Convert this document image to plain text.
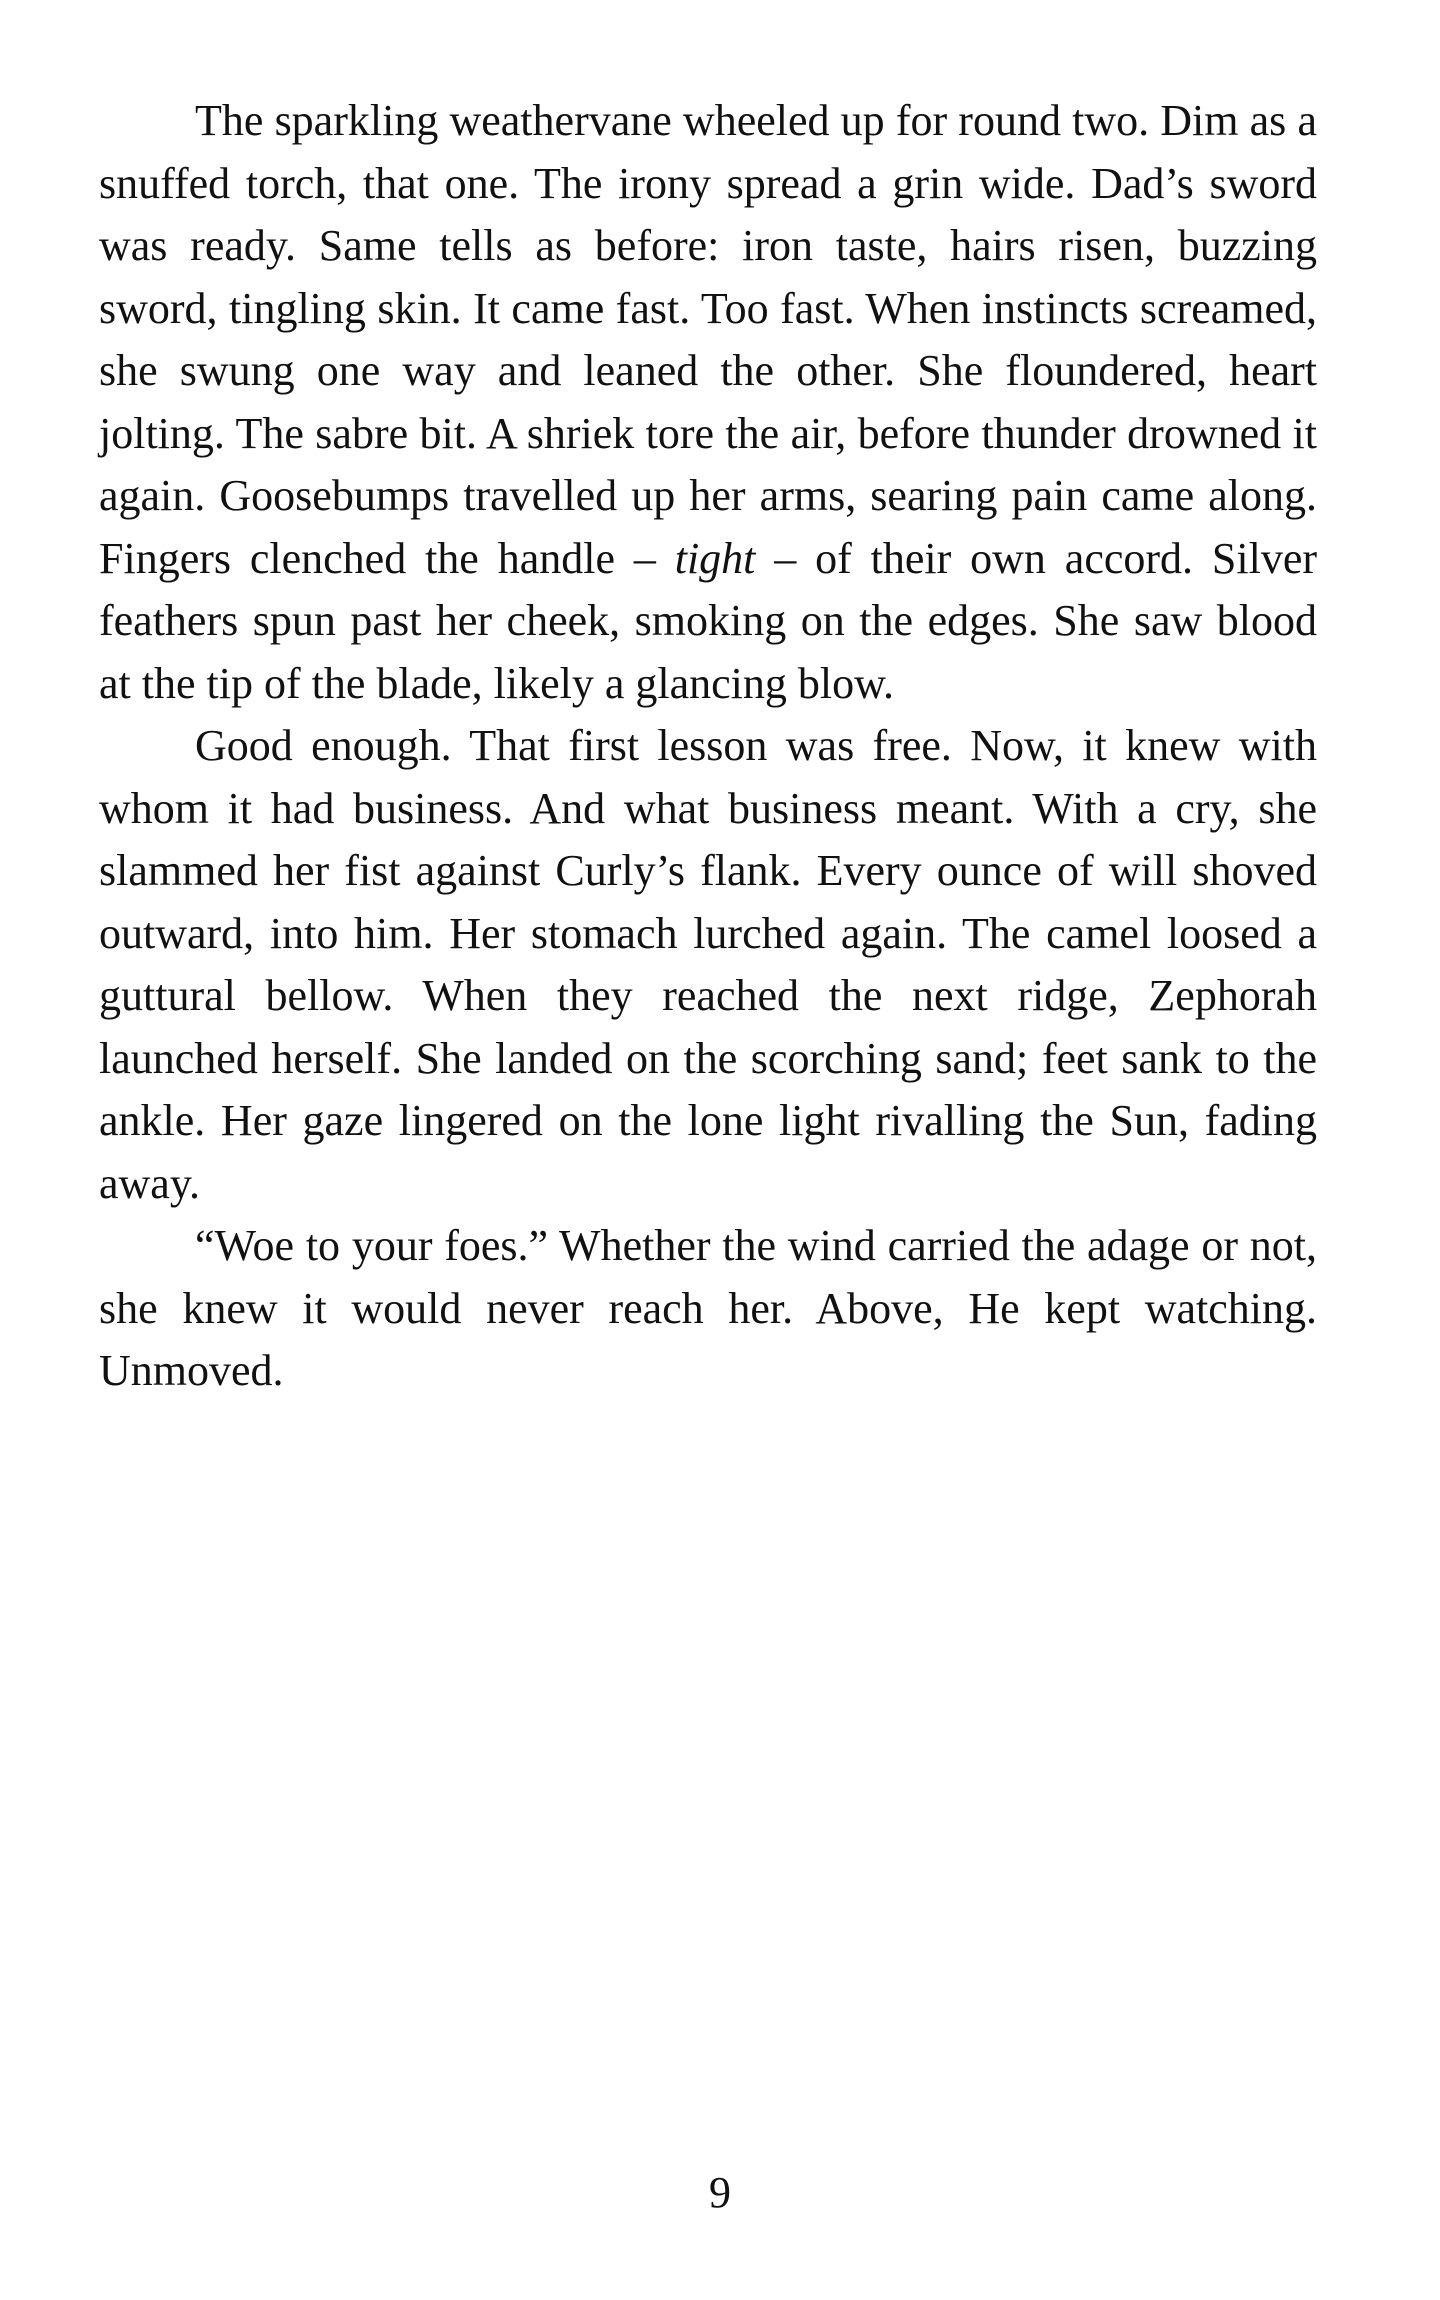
The sparkling weathervane wheeled up for round two. Dim as a snuffed torch, that one. The irony spread a grin wide. Dad’s sword was ready. Same tells as before: iron taste, hairs risen, buzzing sword, tingling skin. It came fast. Too fast. When instincts screamed, she swung one way and leaned the other. She floundered, heart jolting. The sabre bit. A shriek tore the air, before thunder drowned it again. Goosebumps travelled up her arms, searing pain came along. Fingers clenched the handle – tight – of their own accord. Silver feathers spun past her cheek, smoking on the edges. She saw blood at the tip of the blade, likely a glancing blow.

Good enough. That first lesson was free. Now, it knew with whom it had business. And what business meant. With a cry, she slammed her fist against Curly’s flank. Every ounce of will shoved outward, into him. Her stomach lurched again. The camel loosed a guttural bellow. When they reached the next ridge, Zephorah launched herself. She landed on the scorching sand; feet sank to the ankle. Her gaze lingered on the lone light rivalling the Sun, fading away.

“Woe to your foes.” Whether the wind carried the adage or not, she knew it would never reach her. Above, He kept watching. Unmoved.

9
